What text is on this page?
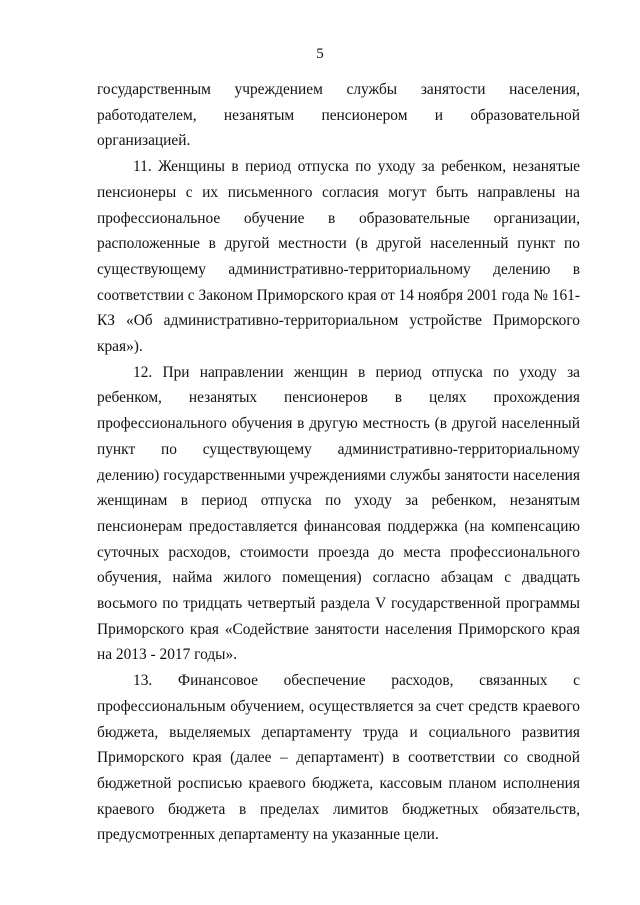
5

государственным учреждением службы занятости населения, работодателем, незанятым пенсионером и образовательной организацией.

11. Женщины в период отпуска по уходу за ребенком, незанятые пенсионеры с их письменного согласия могут быть направлены на профессиональное обучение в образовательные организации, расположенные в другой местности (в другой населенный пункт по существующему административно-территориальному делению в соответствии с Законом Приморского края от 14 ноября 2001 года № 161-КЗ «Об административно-территориальном устройстве Приморского края»).

12. При направлении женщин в период отпуска по уходу за ребенком, незанятых пенсионеров в целях прохождения профессионального обучения в другую местность (в другой населенный пункт по существующему административно-территориальному делению) государственными учреждениями службы занятости населения женщинам в период отпуска по уходу за ребенком, незанятым пенсионерам предоставляется финансовая поддержка (на компенсацию суточных расходов, стоимости проезда до места профессионального обучения, найма жилого помещения) согласно абзацам с двадцать восьмого по тридцать четвертый раздела V государственной программы Приморского края «Содействие занятости населения Приморского края на 2013 - 2017 годы».

13. Финансовое обеспечение расходов, связанных с профессиональным обучением, осуществляется за счет средств краевого бюджета, выделяемых департаменту труда и социального развития Приморского края (далее – департамент) в соответствии со сводной бюджетной росписью краевого бюджета, кассовым планом исполнения краевого бюджета в пределах лимитов бюджетных обязательств, предусмотренных департаменту на указанные цели.
